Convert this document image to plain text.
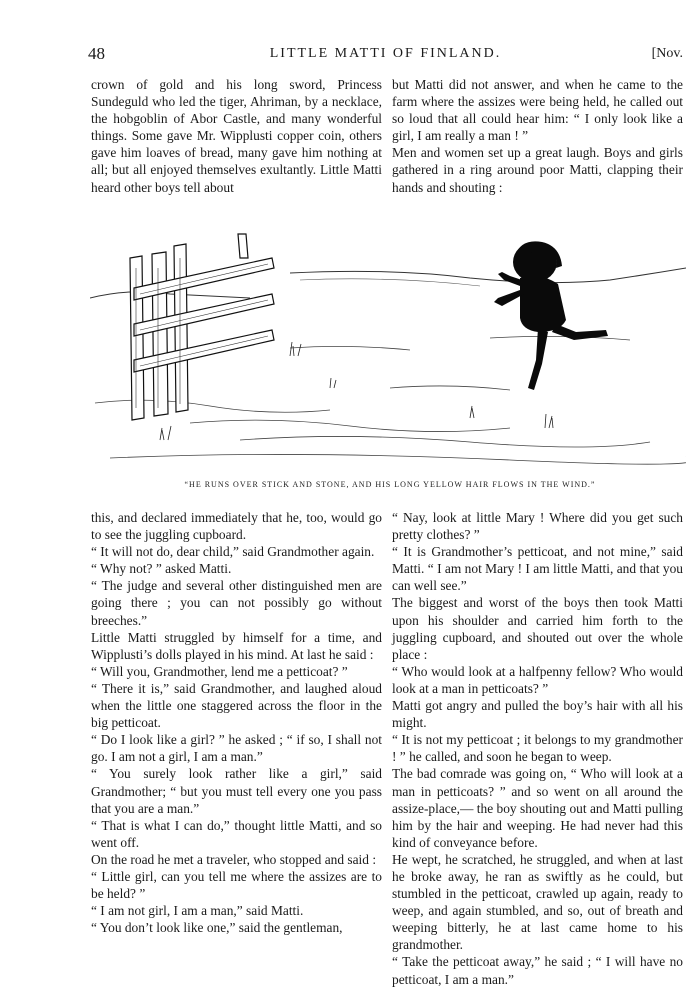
48	LITTLE MATTI OF FINLAND.	[Nov.

crown of gold and his long sword, Princess Sundeguld who led the tiger, Ahriman, by a necklace, the hobgoblin of Abor Castle, and many wonderful things. Some gave Mr. Wipplusti copper coin, others gave him loaves of bread, many gave him nothing at all; but all enjoyed themselves exultantly. Little Matti heard other boys tell about

but Matti did not answer, and when he came to the farm where the assizes were being held, he called out so loud that all could hear him: “ I only look like a girl, I am really a man ! ”

Men and women set up a great laugh. Boys and girls gathered in a ring around poor Matti, clapping their hands and shouting :

“HE RUNS OVER STICK AND STONE, AND HIS LONG YELLOW HAIR FLOWS IN THE WIND.”

this, and declared immediately that he, too, would go to see the juggling cupboard.

“ It will not do, dear child,” said Grandmother again.

“ Why not? ” asked Matti.

“ The judge and several other distinguished men are going there ; you can not possibly go without breeches.”

Little Matti struggled by himself for a time, and Wipplusti’s dolls played in his mind. At last he said :

“ Will you, Grandmother, lend me a petticoat? ”

“ There it is,” said Grandmother, and laughed aloud when the little one staggered across the floor in the big petticoat.

“ Do I look like a girl? ” he asked ; “ if so, I shall not go. I am not a girl, I am a man.”

“ You surely look rather like a girl,” said Grandmother; “ but you must tell every one you pass that you are a man.”

“ That is what I can do,” thought little Matti, and so went off.

On the road he met a traveler, who stopped and said :

“ Little girl, can you tell me where the assizes are to be held? ”

“ I am not girl, I am a man,” said Matti.

“ You don’t look like one,” said the gentleman,

“ Nay, look at little Mary ! Where did you get such pretty clothes? ”

“ It is Grandmother’s petticoat, and not mine,” said Matti. “ I am not Mary ! I am little Matti, and that you can well see.”

The biggest and worst of the boys then took Matti upon his shoulder and carried him forth to the juggling cupboard, and shouted out over the whole place :

“ Who would look at a halfpenny fellow? Who would look at a man in petticoats? ”

Matti got angry and pulled the boy’s hair with all his might.

“ It is not my petticoat ; it belongs to my grandmother ! ” he called, and soon he began to weep.

The bad comrade was going on, “ Who will look at a man in petticoats? ” and so went on all around the assize-place,— the boy shouting out and Matti pulling him by the hair and weeping. He had never had this kind of conveyance before.

He wept, he scratched, he struggled, and when at last he broke away, he ran as swiftly as he could, but stumbled in the petticoat, crawled up again, ready to weep, and again stumbled, and so, out of breath and weeping bitterly, he at last came home to his grandmother.

“ Take the petticoat away,” he said ; “ I will have no petticoat, I am a man.”
